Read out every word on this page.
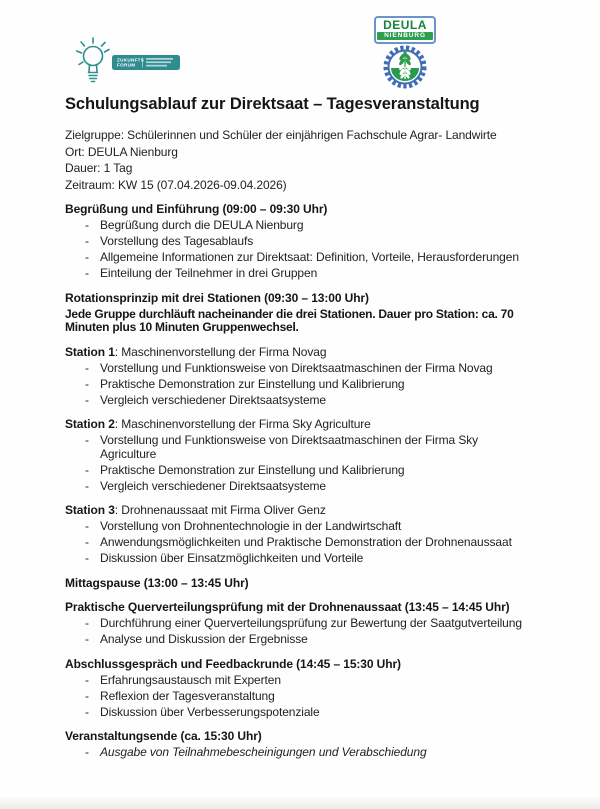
ZUKUNFTS
FORUM
DEULA
NIENBURG
Schulungsablauf zur Direktsaat – Tagesveranstaltung
Zielgruppe: Schülerinnen und Schüler der einjährigen Fachschule Agrar- Landwirte
Ort: DEULA Nienburg
Dauer: 1 Tag
Zeitraum: KW 15 (07.04.2026-09.04.2026)
Begrüßung und Einführung (09:00 – 09:30 Uhr)
- Begrüßung durch die DEULA Nienburg
- Vorstellung des Tagesablaufs
- Allgemeine Informationen zur Direktsaat: Definition, Vorteile, Herausforderungen
- Einteilung der Teilnehmer in drei Gruppen
Rotationsprinzip mit drei Stationen (09:30 – 13:00 Uhr)
Jede Gruppe durchläuft nacheinander die drei Stationen. Dauer pro Station: ca. 70 Minuten plus 10 Minuten Gruppenwechsel.
Station 1: Maschinenvorstellung der Firma Novag
- Vorstellung und Funktionsweise von Direktsaatmaschinen der Firma Novag
- Praktische Demonstration zur Einstellung und Kalibrierung
- Vergleich verschiedener Direktsaatsysteme
Station 2: Maschinenvorstellung der Firma Sky Agriculture
- Vorstellung und Funktionsweise von Direktsaatmaschinen der Firma Sky Agriculture
- Praktische Demonstration zur Einstellung und Kalibrierung
- Vergleich verschiedener Direktsaatsysteme
Station 3: Drohnenaussaat mit Firma Oliver Genz
- Vorstellung von Drohnentechnologie in der Landwirtschaft
- Anwendungsmöglichkeiten und Praktische Demonstration der Drohnenaussaat
- Diskussion über Einsatzmöglichkeiten und Vorteile
Mittagspause (13:00 – 13:45 Uhr)
Praktische Querverteilungsprüfung mit der Drohnenaussaat (13:45 – 14:45 Uhr)
- Durchführung einer Querverteilungsprüfung zur Bewertung der Saatgutverteilung
- Analyse und Diskussion der Ergebnisse
Abschlussgespräch und Feedbackrunde (14:45 – 15:30 Uhr)
- Erfahrungsaustausch mit Experten
- Reflexion der Tagesveranstaltung
- Diskussion über Verbesserungspotenziale
Veranstaltungsende (ca. 15:30 Uhr)
- Ausgabe von Teilnahmebescheinigungen und Verabschiedung
